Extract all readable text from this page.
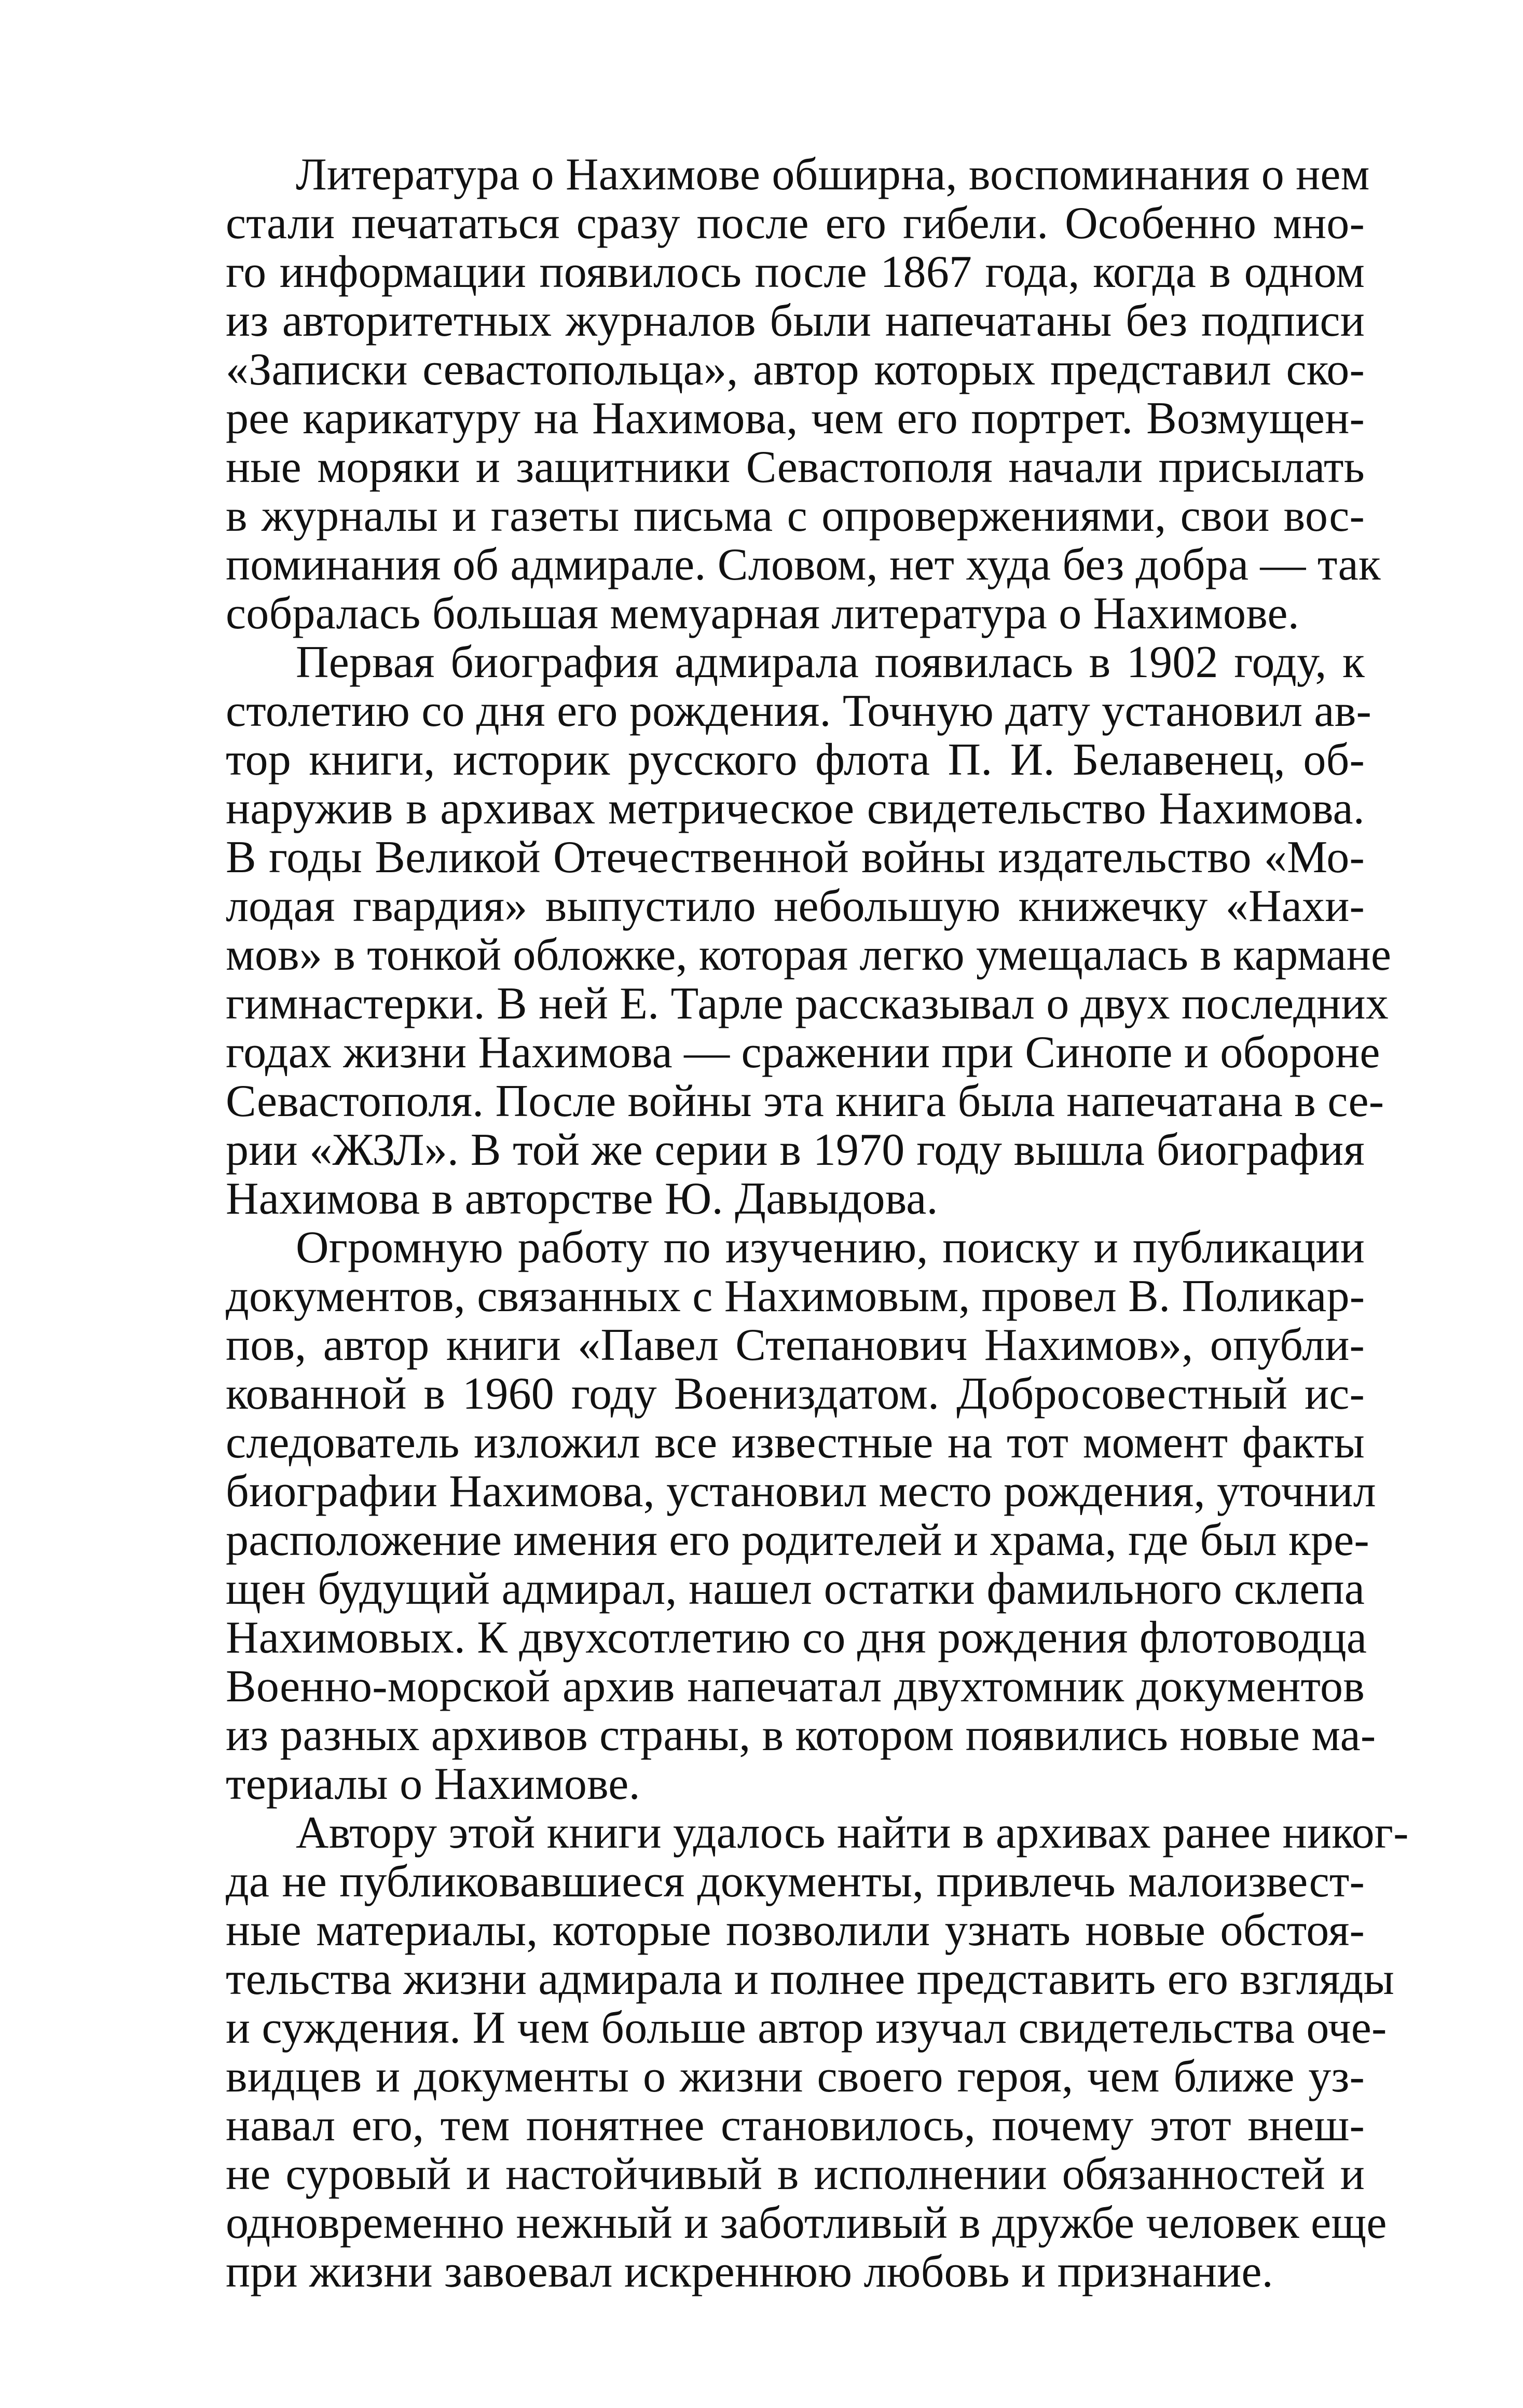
Литература о Нахимове обширна, воспоминания о нем
стали печататься сразу после его гибели. Особенно мно-
го информации появилось после 1867 года, когда в одном
из авторитетных журналов были напечатаны без подписи
«Записки севастопольца», автор которых представил ско-
рее карикатуру на Нахимова, чем его портрет. Возмущен-
ные моряки и защитники Севастополя начали присылать
в журналы и газеты письма с опровержениями, свои вос-
поминания об адмирале. Словом, нет худа без добра — так
собралась большая мемуарная литература о Нахимове.
Первая биография адмирала появилась в 1902 году, к
столетию со дня его рождения. Точную дату установил ав-
тор книги, историк русского флота П. И. Белавенец, об-
наружив в архивах метрическое свидетельство Нахимова.
В годы Великой Отечественной войны издательство «Мо-
лодая гвардия» выпустило небольшую книжечку «Нахи-
мов» в тонкой обложке, которая легко умещалась в кармане
гимнастерки. В ней Е. Тарле рассказывал о двух последних
годах жизни Нахимова — сражении при Синопе и обороне
Севастополя. После войны эта книга была напечатана в се-
рии «ЖЗЛ». В той же серии в 1970 году вышла биография
Нахимова в авторстве Ю. Давыдова.
Огромную работу по изучению, поиску и публикации
документов, связанных с Нахимовым, провел В. Поликар-
пов, автор книги «Павел Степанович Нахимов», опубли-
кованной в 1960 году Воениздатом. Добросовестный ис-
следователь изложил все известные на тот момент факты
биографии Нахимова, установил место рождения, уточнил
расположение имения его родителей и храма, где был кре-
щен будущий адмирал, нашел остатки фамильного склепа
Нахимовых. К двухсотлетию со дня рождения флотоводца
Военно-морской архив напечатал двухтомник документов
из разных архивов страны, в котором появились новые ма-
териалы о Нахимове.
Автору этой книги удалось найти в архивах ранее никог-
да не публиковавшиеся документы, привлечь малоизвест-
ные материалы, которые позволили узнать новые обстоя-
тельства жизни адмирала и полнее представить его взгляды
и суждения. И чем больше автор изучал свидетельства оче-
видцев и документы о жизни своего героя, чем ближе уз-
навал его, тем понятнее становилось, почему этот внеш-
не суровый и настойчивый в исполнении обязанностей и
одновременно нежный и заботливый в дружбе человек еще
при жизни завоевал искреннюю любовь и признание.
